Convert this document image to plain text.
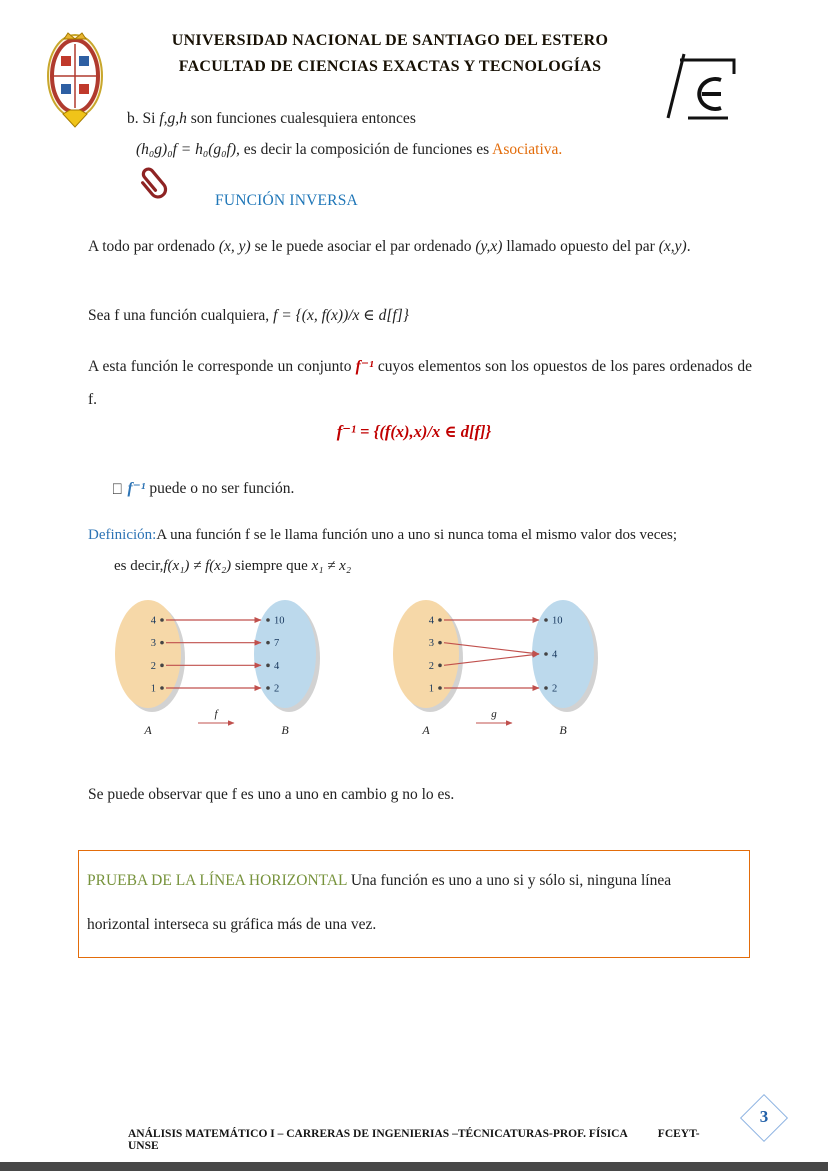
UNIVERSIDAD NACIONAL DE SANTIAGO DEL ESTERO
FACULTAD DE CIENCIAS EXACTAS Y TECNOLOGÍAS
b. Si f,g,h son funciones cualesquiera entonces
(h₀g)₀f = h₀(g₀f), es decir la composición de funciones es Asociativa.
FUNCIÓN INVERSA
A todo par ordenado (x, y) se le puede asociar el par ordenado (y,x) llamado opuesto del par (x,y).
Sea f una función cualquiera, f = {(x, f(x))/x ∈ d[f]}
A esta función le corresponde un conjunto f⁻¹ cuyos elementos son los opuestos de los pares ordenados de f.
f⁻¹ = {(f(x),x)/x ∈ d[f]}
□ f⁻¹ puede o no ser función.
Definición:A una función f se le llama función uno a uno si nunca toma el mismo valor dos veces;
es decir,f(x₁) ≠ f(x₂) siempre que x₁ ≠ x₂
4
3
2
1
10
7
4
2
A	B
f
4
3
2
1
10
4
2
A	B
g
Se puede observar que f es uno a uno en cambio g no lo es.

PRUEBA DE LA LÍNEA HORIZONTAL Una función es uno a uno si y sólo si, ninguna línea
horizontal interseca su gráfica más de una vez.

3
ANÁLISIS MATEMÁTICO I – CARRERAS DE INGENIERIAS –TÉCNICATURAS-PROF. FÍSICA	FCEYT-
UNSE
